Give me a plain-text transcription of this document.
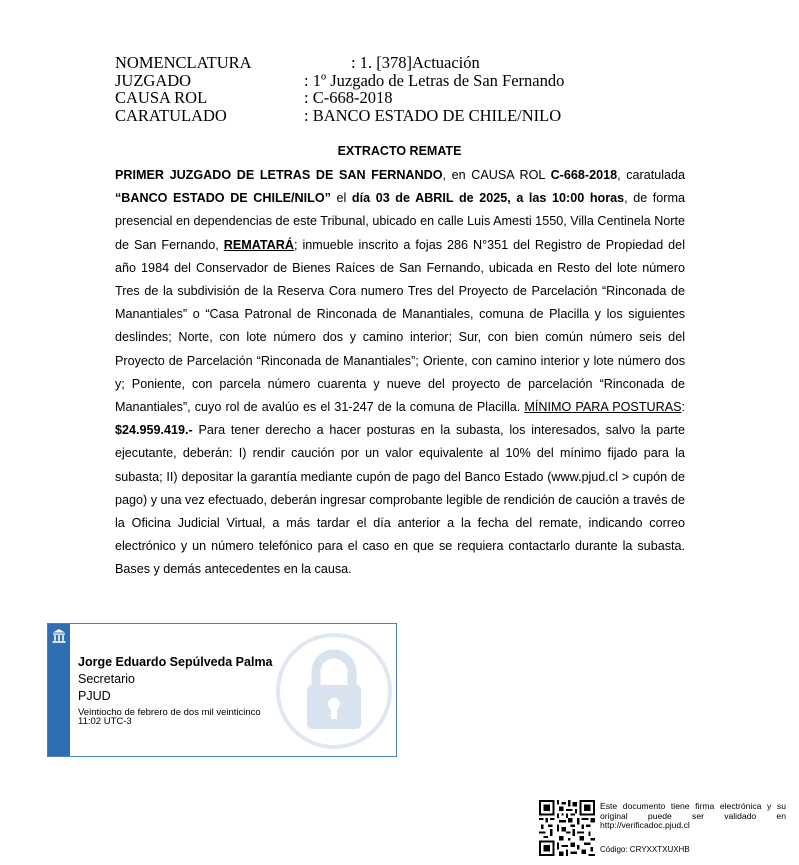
NOMENCLATURA	: 1. [378]Actuación
JUZGADO	: 1º Juzgado de Letras de San Fernando
CAUSA ROL	: C-668-2018
CARATULADO	: BANCO ESTADO DE CHILE/NILO
EXTRACTO REMATE
PRIMER JUZGADO DE LETRAS DE SAN FERNANDO, en CAUSA ROL C-668-2018, caratulada “BANCO ESTADO DE CHILE/NILO” el día 03 de ABRIL de 2025, a las 10:00 horas, de forma presencial en dependencias de este Tribunal, ubicado en calle Luis Amesti 1550, Villa Centinela Norte de San Fernando, REMATARÁ; inmueble inscrito a fojas 286 N°351 del Registro de Propiedad del año 1984 del Conservador de Bienes Raíces de San Fernando, ubicada en Resto del lote número Tres de la subdivisión de la Reserva Cora numero Tres del Proyecto de Parcelación “Rinconada de Manantiales” o “Casa Patronal de Rinconada de Manantiales, comuna de Placilla y los siguientes deslindes; Norte, con lote número dos y camino interior; Sur, con bien común número seis del Proyecto de Parcelación “Rinconada de Manantiales”; Oriente, con camino interior y lote número dos y; Poniente, con parcela número cuarenta y nueve del proyecto de parcelación “Rinconada de Manantiales”, cuyo rol de avalúo es el 31-247 de la comuna de Placilla. MÍNIMO PARA POSTURAS: $24.959.419.- Para tener derecho a hacer posturas en la subasta, los interesados, salvo la parte ejecutante, deberán: I) rendir caución por un valor equivalente al 10% del mínimo fijado para la subasta; II) depositar la garantía mediante cupón de pago del Banco Estado (www.pjud.cl > cupón de pago) y una vez efectuado, deberán ingresar comprobante legible de rendición de caución a través de la Oficina Judicial Virtual, a más tardar el día anterior a la fecha del remate, indicando correo electrónico y un número telefónico para el caso en que se requiera contactarlo durante la subasta. Bases y demás antecedentes en la causa.
Jorge Eduardo Sepúlveda Palma
Secretario
PJUD
Veintiocho de febrero de dos mil veinticinco
11:02 UTC-3
Este documento tiene firma electrónica y su original puede ser validado en http://verificadoc.pjud.cl
Código: CRYXXTXUXHB
